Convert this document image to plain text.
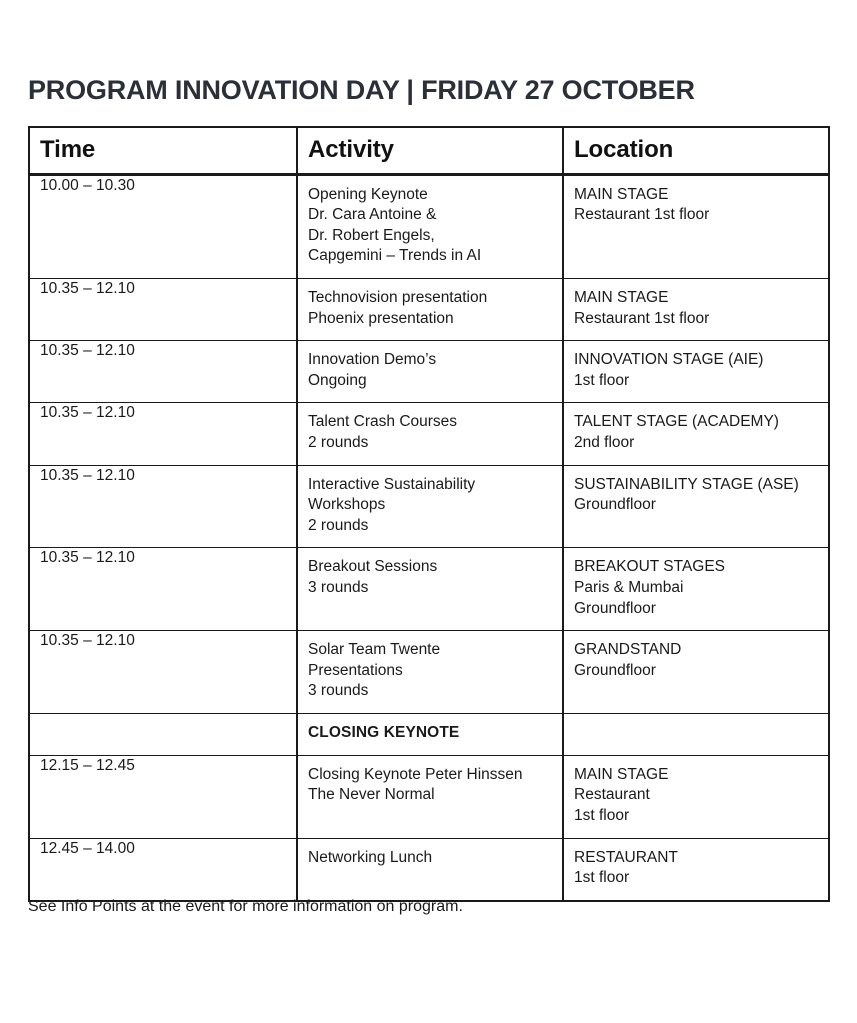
PROGRAM INNOVATION DAY | FRIDAY 27 OCTOBER
Time	Activity	Location
10.00 – 10.30	Opening Keynote
Dr. Cara Antoine &
Dr. Robert Engels,
Capgemini – Trends in AI	MAIN STAGE
Restaurant 1st floor

10.35 – 12.10	Technovision presentation
Phoenix presentation	MAIN STAGE
Restaurant 1st floor

10.35 – 12.10	Innovation Demo’s
Ongoing	INNOVATION STAGE (AIE)
1st floor

10.35 – 12.10	Talent Crash Courses
2 rounds	TALENT STAGE (ACADEMY)
2nd floor

10.35 – 12.10	Interactive Sustainability
Workshops
2 rounds	SUSTAINABILITY STAGE (ASE)
Groundfloor

10.35 – 12.10	Breakout Sessions
3 rounds	BREAKOUT STAGES
Paris & Mumbai
Groundfloor

10.35 – 12.10	Solar Team Twente
Presentations
3 rounds	GRANDSTAND
Groundfloor

	CLOSING KEYNOTE	

12.15 – 12.45	Closing Keynote Peter Hinssen
The Never Normal	MAIN STAGE
Restaurant
1st floor

12.45 – 14.00	Networking Lunch	RESTAURANT
1st floor
See Info Points at the event for more information on program.
